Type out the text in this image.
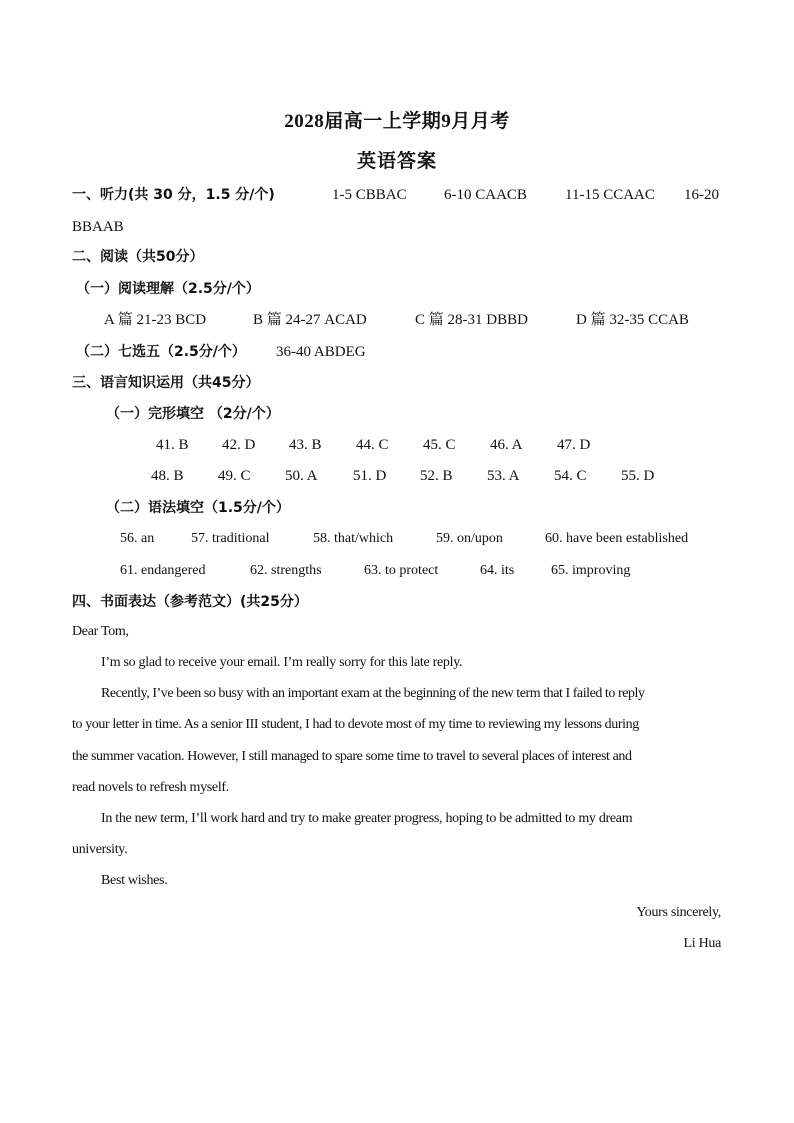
2028届高一上学期9月月考
英语答案
一、听力(共 30 分，1.5 分/个)	1-5 CBBAC 6-10 CAACB	11-15 CCAAC 16-20
BBAAB
二、阅读（共50分）
（一）阅读理解（2.5分/个）
A 篇 21-23 BCD	B 篇 24-27 ACAD	C 篇 28-31 DBBD	D 篇 32-35 CCAB
（二）七选五（2.5分/个） 36-40 ABDEG
三、语言知识运用（共45分）
（一）完形填空 （2分/个）
41. B 42. D 43. B 44. C 45. C 46. A 47. D
48. B 49. C 50. A 51. D 52. B 53. A 54. C 55. D
（二）语法填空（1.5分/个）
56. an	57. traditional	58. that/which	59. on/upon	60. have been established
61. endangered	62. strengths	63. to protect	64. its	65. improving
四、书面表达（参考范文）(共25分）
Dear Tom,
I’m so glad to receive your email. I’m really sorry for this late reply.
Recently, I’ve been so busy with an important exam at the beginning of the new term that I failed to reply
to your letter in time. As a senior III student, I had to devote most of my time to reviewing my lessons during
the summer vacation. However, I still managed to spare some time to travel to several places of interest and
read novels to refresh myself.
In the new term, I’ll work hard and try to make greater progress, hoping to be admitted to my dream
university.
Best wishes.
Yours sincerely,
Li Hua
